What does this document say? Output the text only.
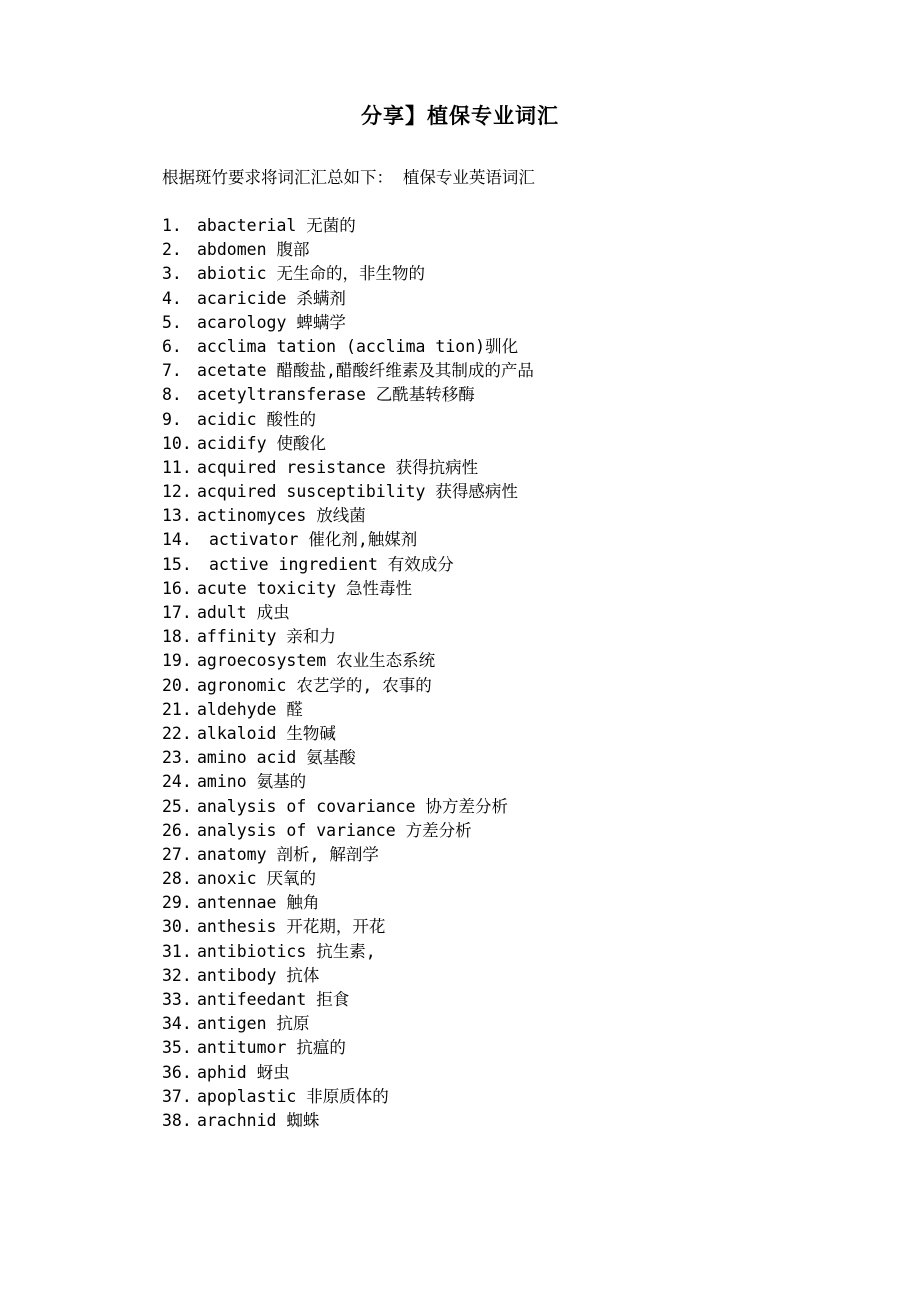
分享】植保专业词汇
根据斑竹要求将词汇汇总如下： 植保专业英语词汇
1. abacterial 无菌的
2. abdomen 腹部
3. abiotic 无生命的，非生物的
4. acaricide 杀螨剂
5. acarology 蜱螨学
6. acclima tation (acclima tion)驯化
7. acetate 醋酸盐,醋酸纤维素及其制成的产品
8. acetyltransferase 乙酰基转移酶
9. acidic 酸性的
10. acidify 使酸化
11. acquired resistance 获得抗病性
12. acquired susceptibility 获得感病性
13. actinomyces 放线菌
14.	activator 催化剂,触媒剂
15.	active ingredient 有效成分
16. acute toxicity 急性毒性
17. adult 成虫
18. affinity 亲和力
19. agroecosystem 农业生态系统
20. agronomic 农艺学的, 农事的
21. aldehyde 醛
22. alkaloid 生物碱
23. amino acid 氨基酸
24. amino 氨基的
25. analysis of covariance 协方差分析
26. analysis of variance 方差分析
27. anatomy 剖析, 解剖学
28. anoxic 厌氧的
29. antennae 触角
30. anthesis 开花期，开花
31. antibiotics 抗生素,
32. antibody 抗体
33. antifeedant 拒食
34. antigen 抗原
35. antitumor 抗瘟的
36. aphid 蚜虫
37. apoplastic 非原质体的
38. arachnid 蜘蛛
